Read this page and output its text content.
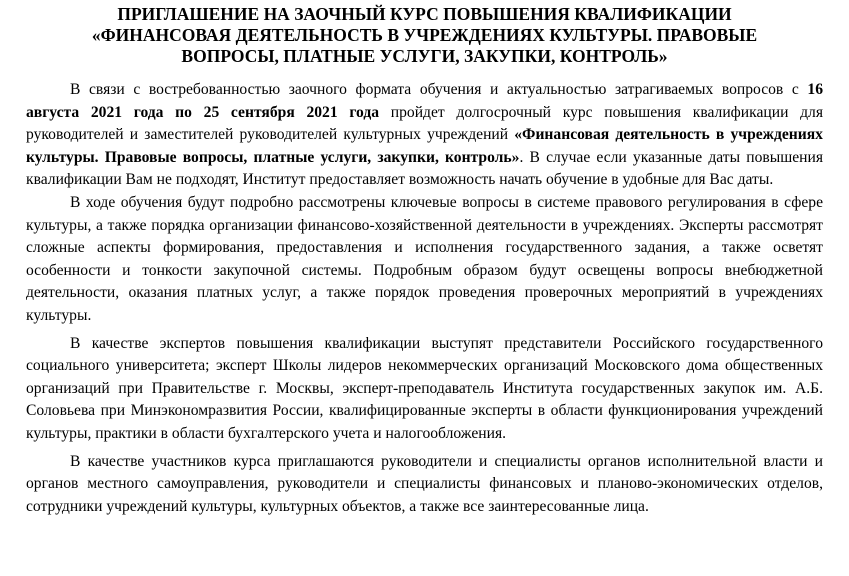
ПРИГЛАШЕНИЕ НА ЗАОЧНЫЙ КУРС ПОВЫШЕНИЯ КВАЛИФИКАЦИИ
«ФИНАНСОВАЯ ДЕЯТЕЛЬНОСТЬ В УЧРЕЖДЕНИЯХ КУЛЬТУРЫ. ПРАВОВЫЕ
ВОПРОСЫ, ПЛАТНЫЕ УСЛУГИ, ЗАКУПКИ, КОНТРОЛЬ»

В связи с востребованностью заочного формата обучения и актуальностью затрагиваемых вопросов с 16 августа 2021 года по 25 сентября 2021 года пройдет долгосрочный курс повышения квалификации для руководителей и заместителей руководителей культурных учреждений «Финансовая деятельность в учреждениях культуры. Правовые вопросы, платные услуги, закупки, контроль». В случае если указанные даты повышения квалификации Вам не подходят, Институт предоставляет возможность начать обучение в удобные для Вас даты.

В ходе обучения будут подробно рассмотрены ключевые вопросы в системе правового регулирования в сфере культуры, а также порядка организации финансово-хозяйственной деятельности в учреждениях. Эксперты рассмотрят сложные аспекты формирования, предоставления и исполнения государственного задания, а также осветят особенности и тонкости закупочной системы. Подробным образом будут освещены вопросы внебюджетной деятельности, оказания платных услуг, а также порядок проведения проверочных мероприятий в учреждениях культуры.

В качестве экспертов повышения квалификации выступят представители Российского государственного социального университета; эксперт Школы лидеров некоммерческих организаций Московского дома общественных организаций при Правительстве г. Москвы, эксперт-преподаватель Института государственных закупок им. А.Б. Соловьева при Минэкономразвития России, квалифицированные эксперты в области функционирования учреждений культуры, практики в области бухгалтерского учета и налогообложения.

В качестве участников курса приглашаются руководители и специалисты органов исполнительной власти и органов местного самоуправления, руководители и специалисты финансовых и планово-экономических отделов, сотрудники учреждений культуры, культурных объектов, а также все заинтересованные лица.
